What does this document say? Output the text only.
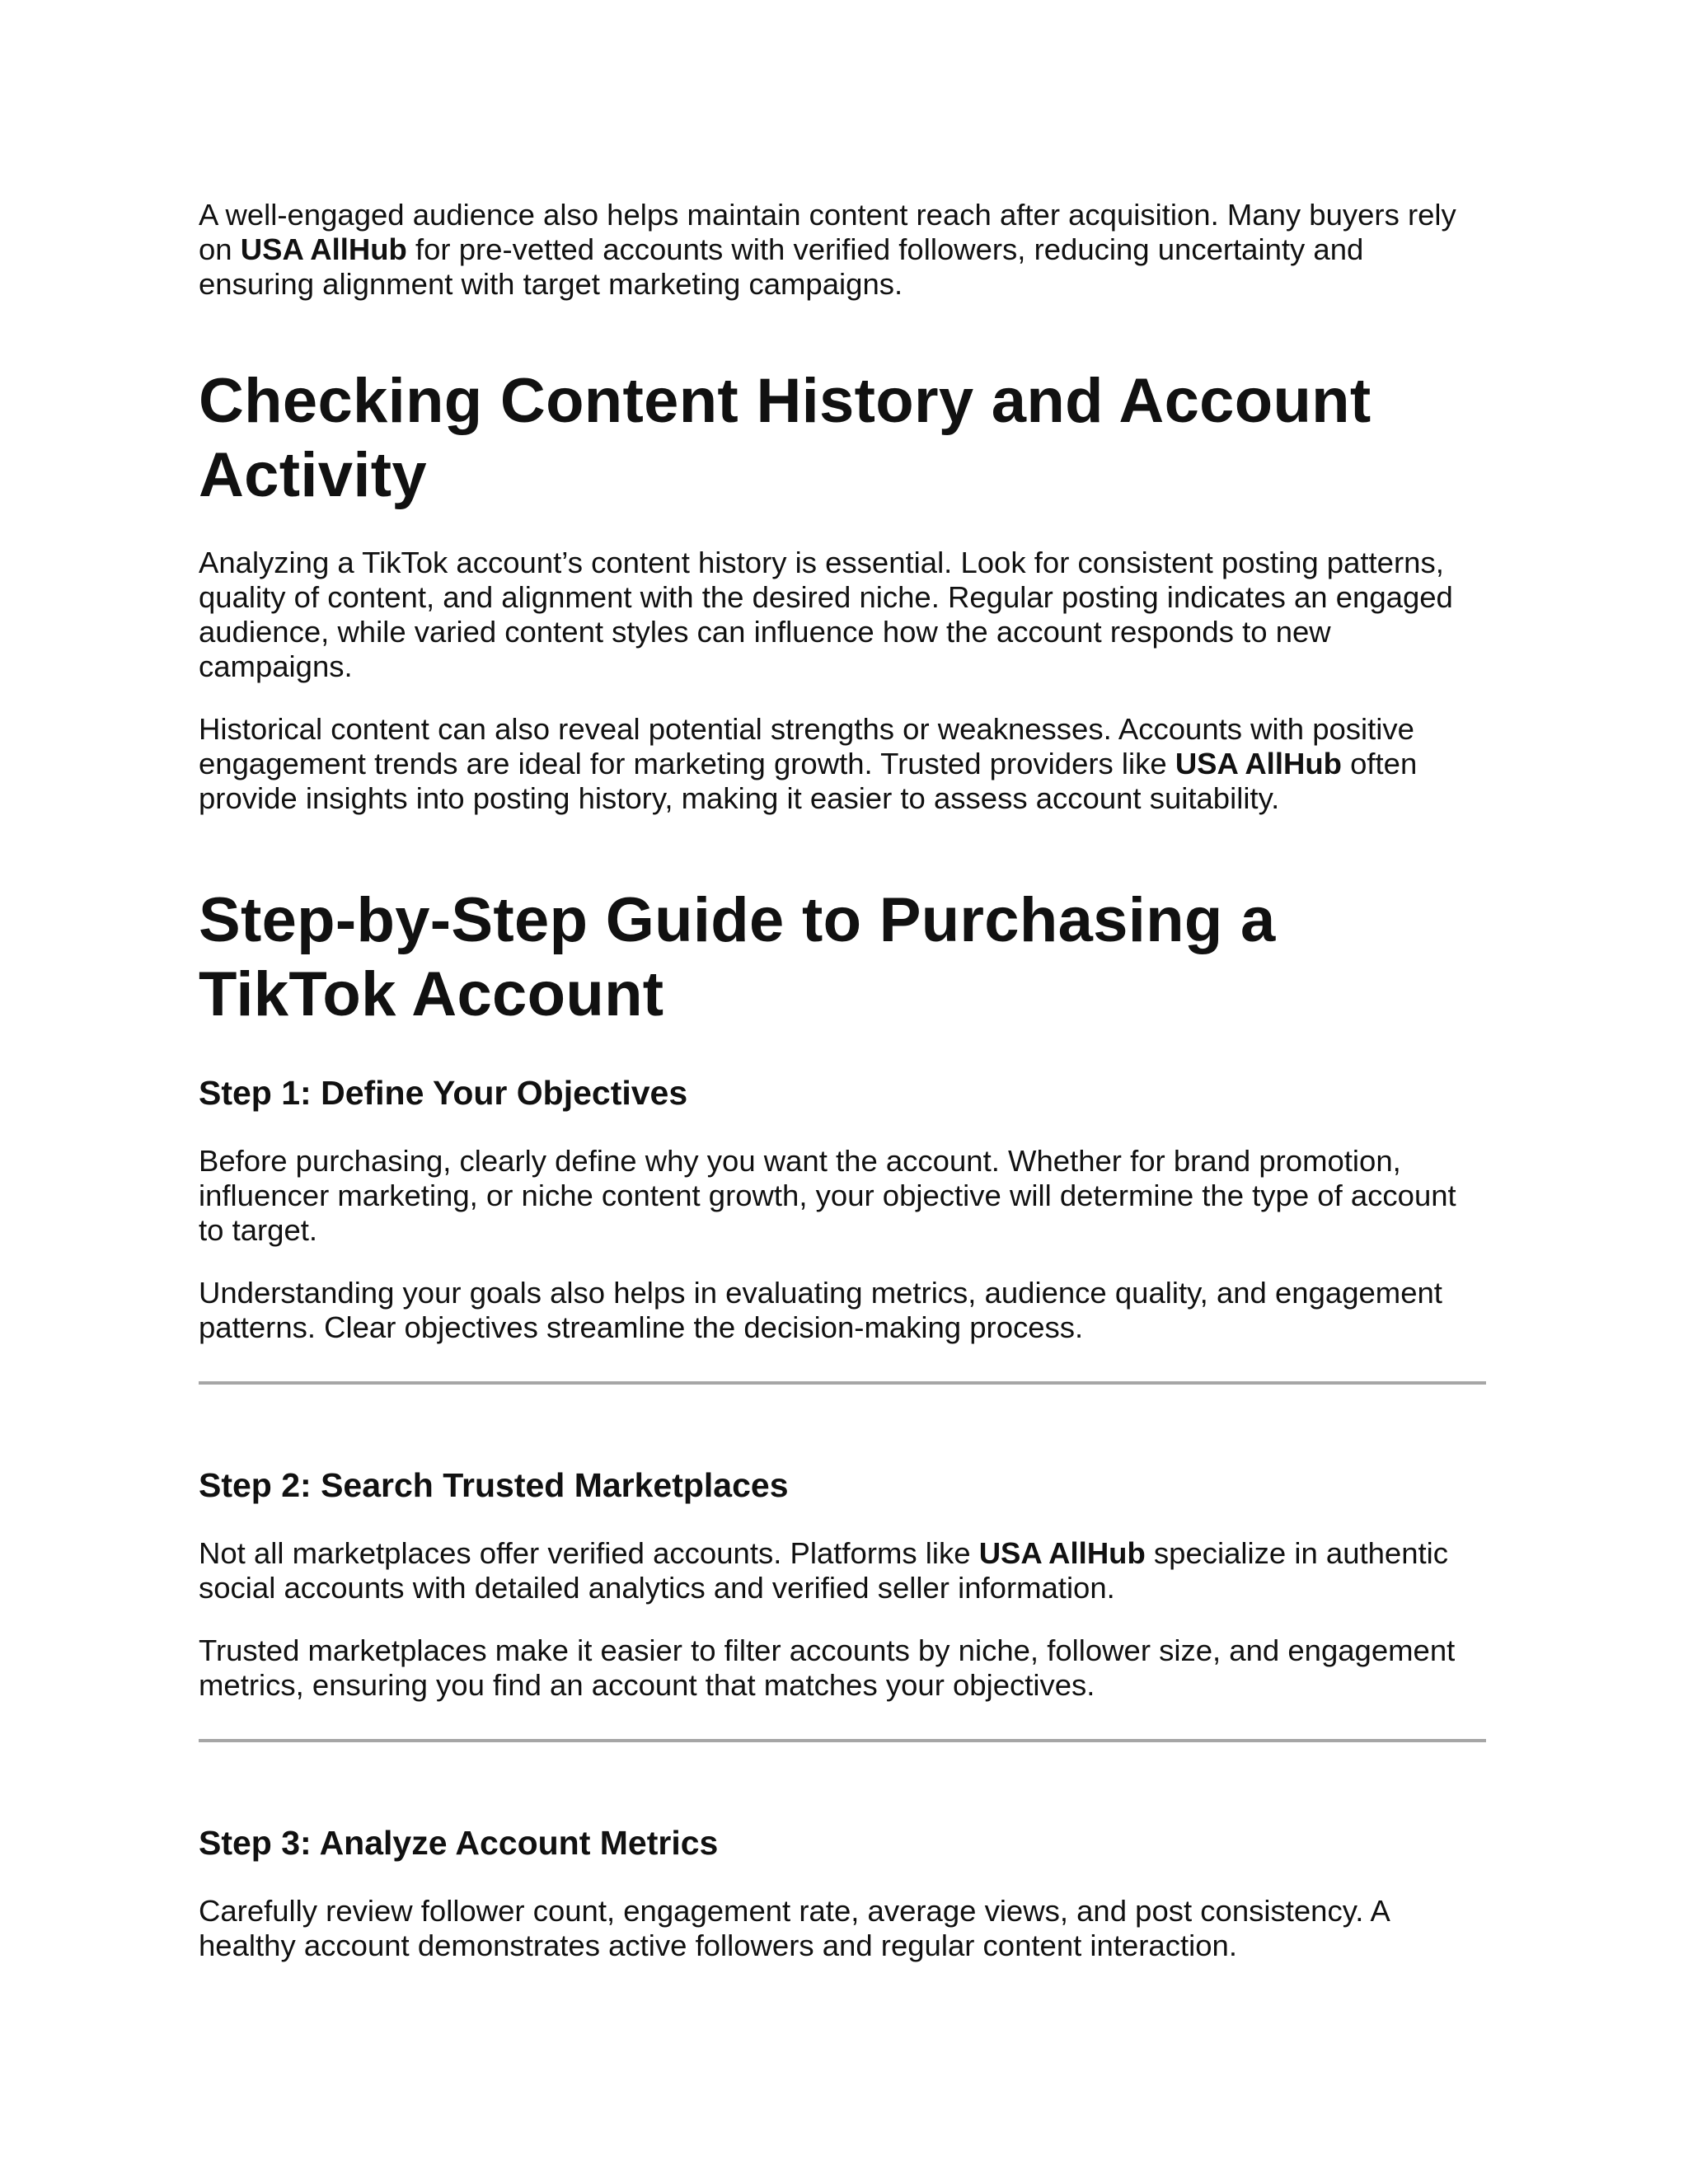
A well-engaged audience also helps maintain content reach after acquisition. Many buyers rely on USA AllHub for pre-vetted accounts with verified followers, reducing uncertainty and ensuring alignment with target marketing campaigns.

Checking Content History and Account Activity

Analyzing a TikTok account’s content history is essential. Look for consistent posting patterns, quality of content, and alignment with the desired niche. Regular posting indicates an engaged audience, while varied content styles can influence how the account responds to new campaigns.

Historical content can also reveal potential strengths or weaknesses. Accounts with positive engagement trends are ideal for marketing growth. Trusted providers like USA AllHub often provide insights into posting history, making it easier to assess account suitability.

Step-by-Step Guide to Purchasing a TikTok Account
Step 1: Define Your Objectives

Before purchasing, clearly define why you want the account. Whether for brand promotion, influencer marketing, or niche content growth, your objective will determine the type of account to target.

Understanding your goals also helps in evaluating metrics, audience quality, and engagement patterns. Clear objectives streamline the decision-making process.

Step 2: Search Trusted Marketplaces

Not all marketplaces offer verified accounts. Platforms like USA AllHub specialize in authentic social accounts with detailed analytics and verified seller information.

Trusted marketplaces make it easier to filter accounts by niche, follower size, and engagement metrics, ensuring you find an account that matches your objectives.

Step 3: Analyze Account Metrics

Carefully review follower count, engagement rate, average views, and post consistency. A healthy account demonstrates active followers and regular content interaction.
